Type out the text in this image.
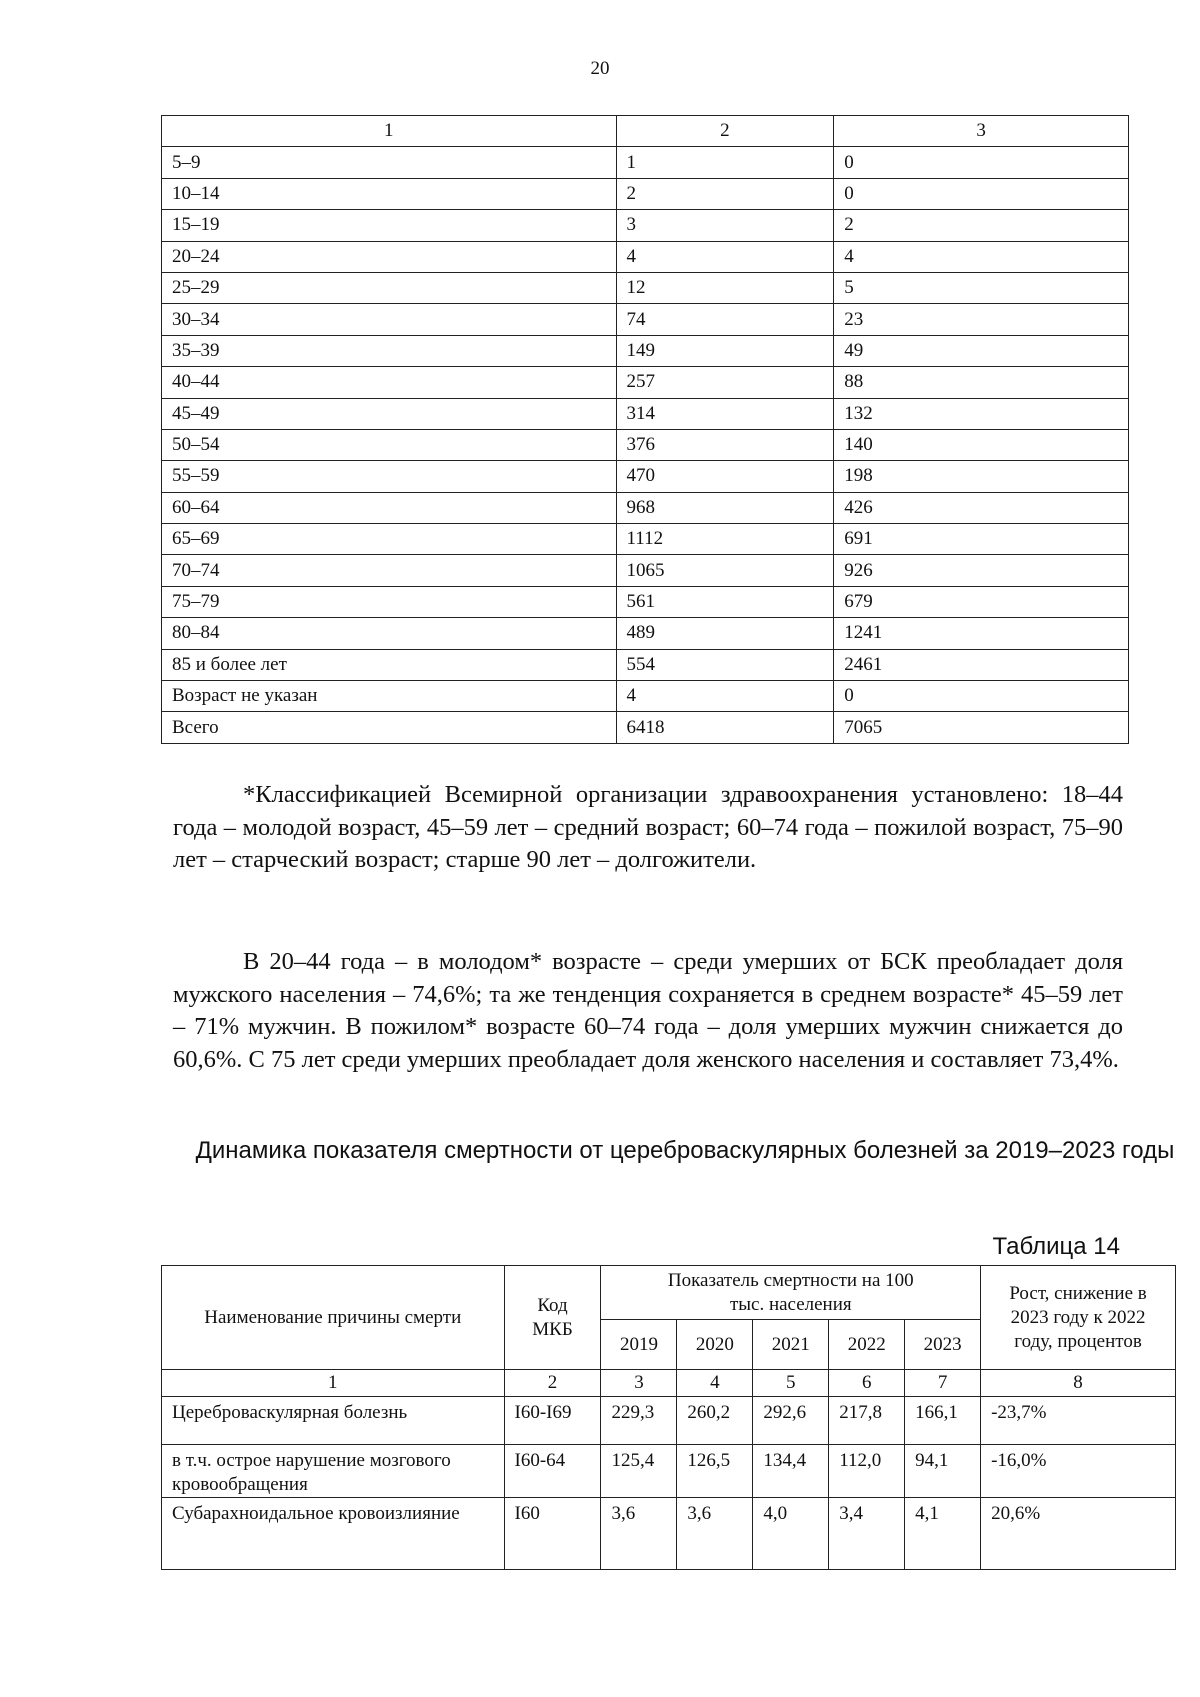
20
1	2	3
5–9	1	0
10–14	2	0
15–19	3	2
20–24	4	4
25–29	12	5
30–34	74	23
35–39	149	49
40–44	257	88
45–49	314	132
50–54	376	140
55–59	470	198
60–64	968	426
65–69	1112	691
70–74	1065	926
75–79	561	679
80–84	489	1241
85 и более лет	554	2461
Возраст не указан	4	0
Всего	6418	7065

*Классификацией Всемирной организации здравоохранения установлено: 18–44 года – молодой возраст, 45–59 лет – средний возраст; 60–74 года – пожилой возраст, 75–90 лет – старческий возраст; старше 90 лет – долгожители.

В 20–44 года – в молодом* возрасте – среди умерших от БСК преобладает доля мужского населения – 74,6%; та же тенденция сохраняется в среднем возрасте* 45–59 лет – 71% мужчин. В пожилом* возрасте 60–74 года – доля умерших мужчин снижается до 60,6%. С 75 лет среди умерших преобладает доля женского населения и составляет 73,4%.

Динамика показателя смертности от цереброваскулярных болезней за 2019–2023 годы

Таблица 14
Наименование причины смерти	Код МКБ	Показатель смертности на 100 тыс. населения					Рост, снижение в 2023 году к 2022 году, процентов
		2019	2020	2021	2022	2023	
1	2	3	4	5	6	7	8
Цереброваскулярная болезнь	I60-I69	229,3	260,2	292,6	217,8	166,1	-23,7%
в т.ч. острое нарушение мозгового кровообращения	I60-64	125,4	126,5	134,4	112,0	94,1	-16,0%
Субарахноидальное кровоизлияние	I60	3,6	3,6	4,0	3,4	4,1	20,6%
